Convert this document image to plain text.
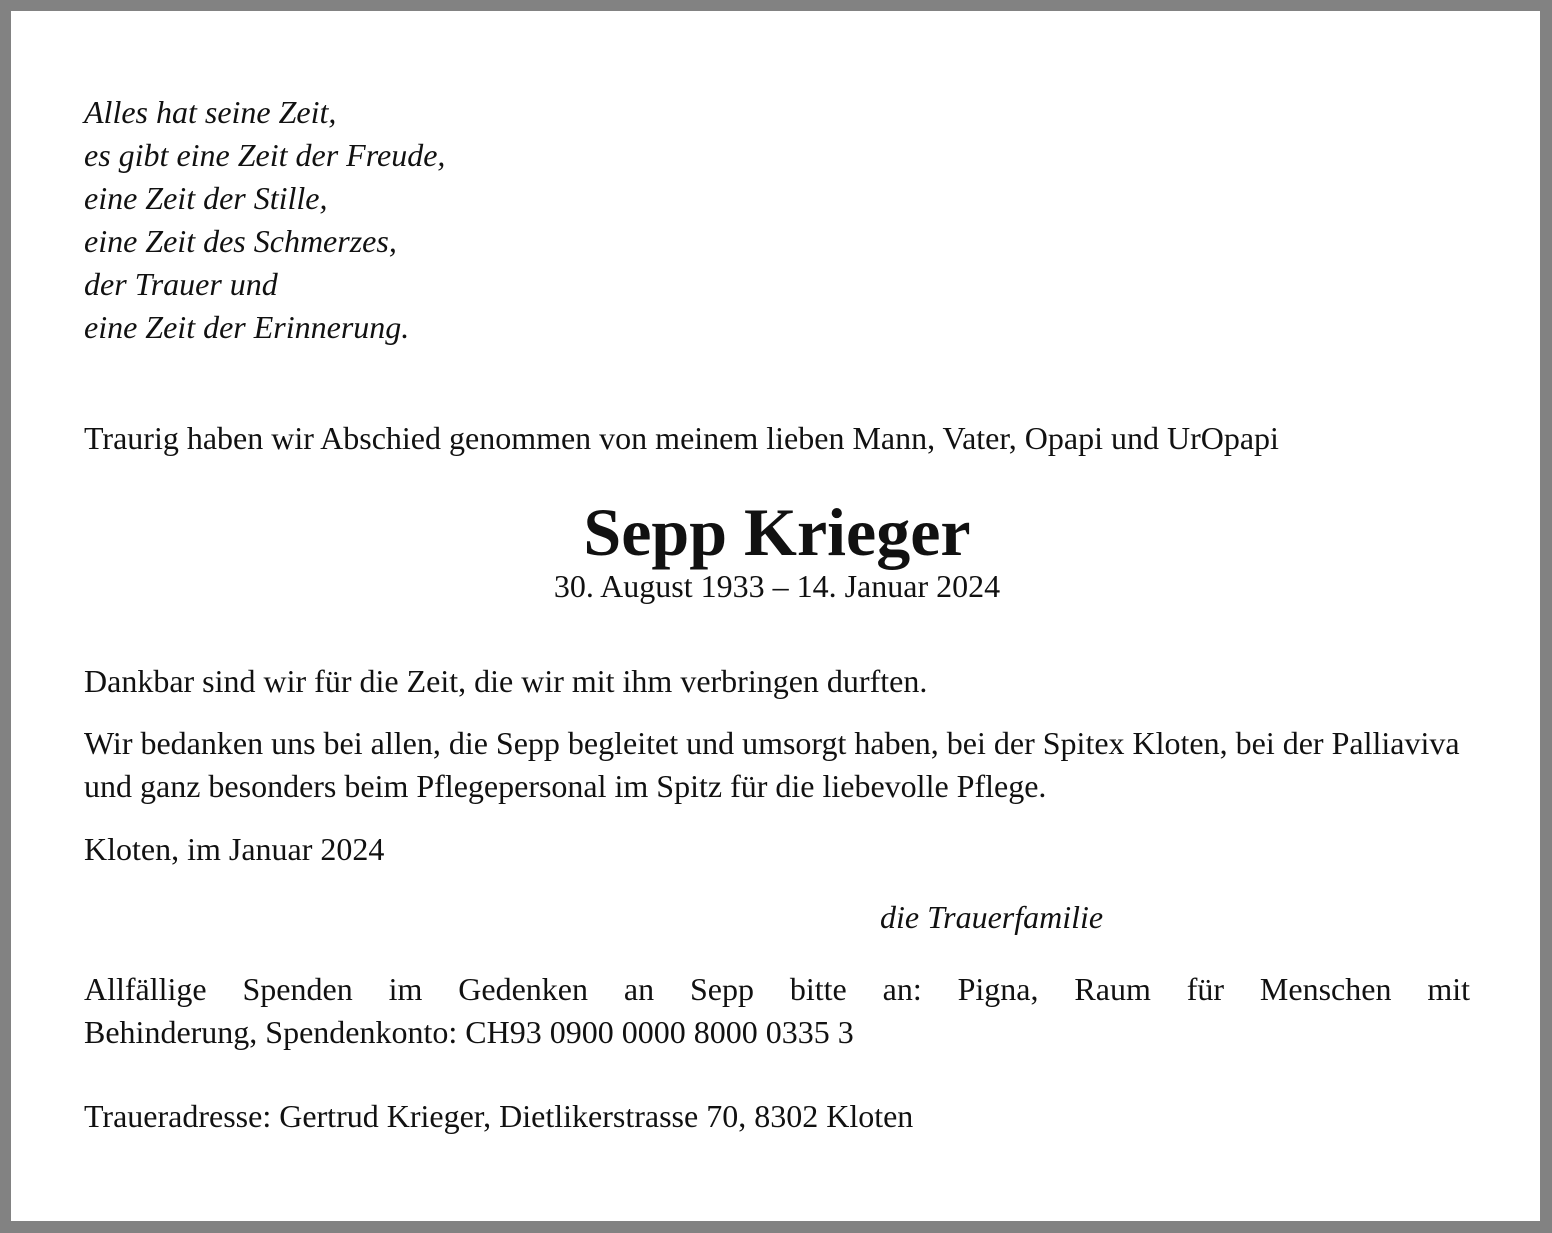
Alles hat seine Zeit,
es gibt eine Zeit der Freude,
eine Zeit der Stille,
eine Zeit des Schmerzes,
der Trauer und
eine Zeit der Erinnerung.
Traurig haben wir Abschied genommen von meinem lieben Mann, Vater, Opapi und UrOpapi
Sepp Krieger
30. August 1933 – 14. Januar 2024
Dankbar sind wir für die Zeit, die wir mit ihm verbringen durften.
Wir bedanken uns bei allen, die Sepp begleitet und umsorgt haben, bei der Spitex Kloten, bei der Palliaviva und ganz besonders beim Pflegepersonal im Spitz für die liebevolle Pflege.
Kloten, im Januar 2024
die Trauerfamilie
Allfällige Spenden im Gedenken an Sepp bitte an: Pigna, Raum für Menschen mit
Behinderung, Spendenkonto: CH93 0900 0000 8000 0335 3
Traueradresse: Gertrud Krieger, Dietlikerstrasse 70, 8302 Kloten
